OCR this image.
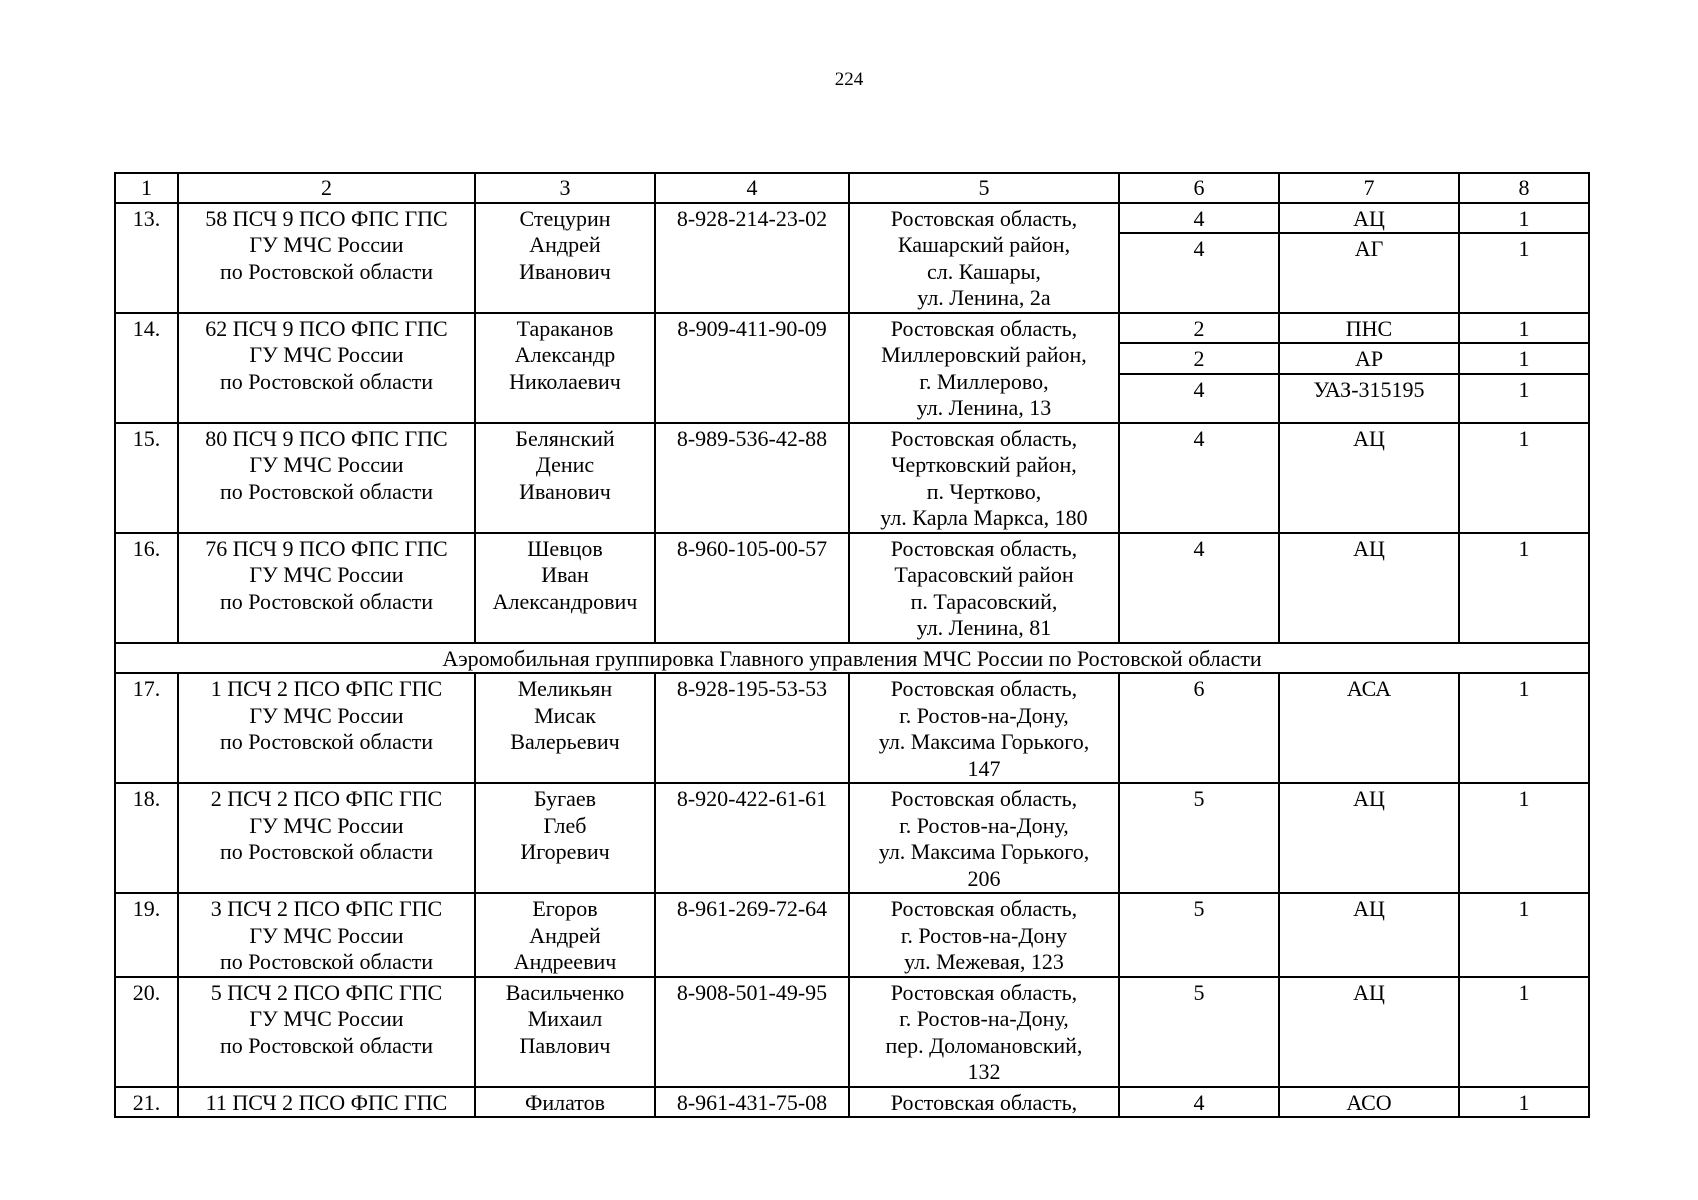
224
1	2	3	4	5	6	7	8
13.	58 ПСЧ 9 ПСО ФПС ГПС
ГУ МЧС России
по Ростовской области	Стецурин
Андрей
Иванович	8-928-214-23-02	Ростовская область,
Кашарский район,
сл. Кашары,
ул. Ленина, 2а	4	АЦ	1
					4	АГ	1
14.	62 ПСЧ 9 ПСО ФПС ГПС
ГУ МЧС России
по Ростовской области	Тараканов
Александр
Николаевич	8-909-411-90-09	Ростовская область,
Миллеровский район,
г. Миллерово,
ул. Ленина, 13	2	ПНС	1
					2	АР	1
					4	УАЗ-315195	1
15.	80 ПСЧ 9 ПСО ФПС ГПС
ГУ МЧС России
по Ростовской области	Белянский
Денис
Иванович	8-989-536-42-88	Ростовская область,
Чертковский район,
п. Чертково,
ул. Карла Маркса, 180	4	АЦ	1
16.	76 ПСЧ 9 ПСО ФПС ГПС
ГУ МЧС России
по Ростовской области	Шевцов
Иван
Александрович	8-960-105-00-57	Ростовская область,
Тарасовский район
п. Тарасовский,
ул. Ленина, 81	4	АЦ	1
Аэромобильная группировка Главного управления МЧС России по Ростовской области							
17.	1 ПСЧ 2 ПСО ФПС ГПС
ГУ МЧС России
по Ростовской области	Меликьян
Мисак
Валерьевич	8-928-195-53-53	Ростовская область,
г. Ростов-на-Дону,
ул. Максима Горького,
147	6	АСА	1
18.	2 ПСЧ 2 ПСО ФПС ГПС
ГУ МЧС России
по Ростовской области	Бугаев
Глеб
Игоревич	8-920-422-61-61	Ростовская область,
г. Ростов-на-Дону,
ул. Максима Горького,
206	5	АЦ	1
19.	3 ПСЧ 2 ПСО ФПС ГПС
ГУ МЧС России
по Ростовской области	Егоров
Андрей
Андреевич	8-961-269-72-64	Ростовская область,
г. Ростов-на-Дону
ул. Межевая, 123	5	АЦ	1
20.	5 ПСЧ 2 ПСО ФПС ГПС
ГУ МЧС России
по Ростовской области	Васильченко
Михаил
Павлович	8-908-501-49-95	Ростовская область,
г. Ростов-на-Дону,
пер. Доломановский,
132	5	АЦ	1
21.	11 ПСЧ 2 ПСО ФПС ГПС	Филатов	8-961-431-75-08	Ростовская область,	4	АСО	1
